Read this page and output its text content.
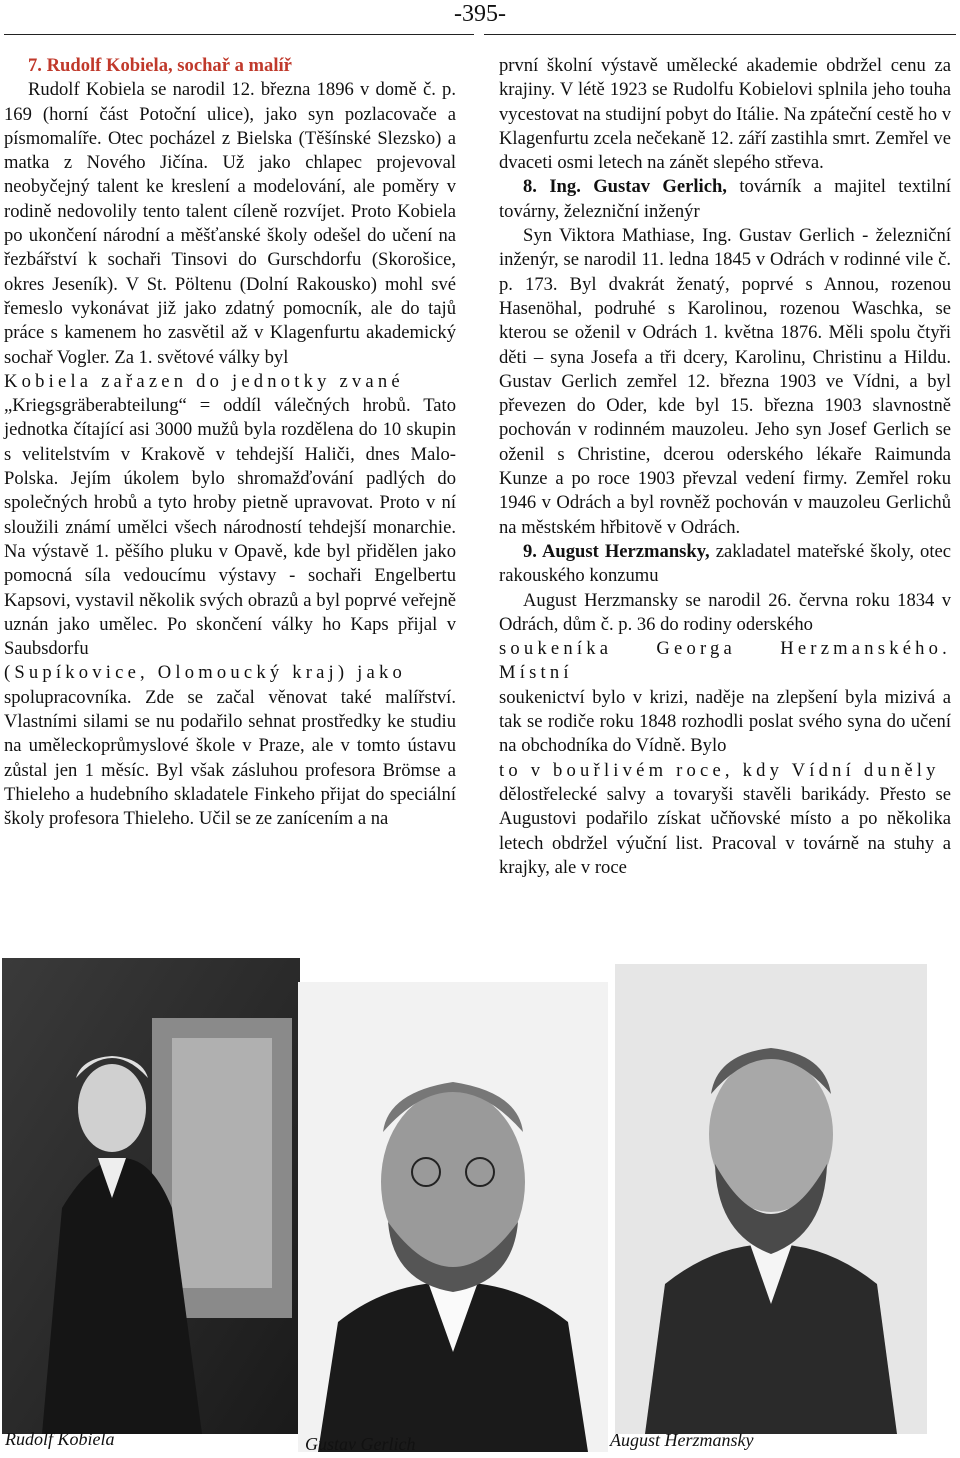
-395-

7. Rudolf Kobiela, sochař a malíř

Rudolf Kobiela se narodil 12. března 1896 v domě č. p. 169 (horní část Potoční ulice), jako syn pozlacovače a písmomalíře. Otec pocházel z Bielska (Těšínské Slezsko) a matka z Nového Jičína. Už jako chlapec projevoval neobyčejný talent ke kreslení a modelování, ale poměry v rodině nedovolily tento talent cíleně rozvíjet. Proto Kobiela po ukončení národní a měšťanské školy odešel do učení na řezbářství k sochaři Tinsovi do Gurschdorfu (Skorošice, okres Jeseník). V St. Pöltenu (Dolní Rakousko) mohl své řemeslo vykonávat již jako zdatný pomocník, ale do tajů práce s kamenem ho zasvětil až v Klagenfurtu akademický sochař Vogler. Za 1. světové války byl

Kobiela zařazen do jednotky zvané

„Kriegsgräberabteilung“ = oddíl válečných hrobů. Tato jednotka čítající asi 3000 mužů byla rozdělena do 10 skupin s velitelstvím v Krakově v tehdejší Haliči, dnes Malo-Polska. Jejím úkolem bylo shromažďování padlých do společných hrobů a tyto hroby pietně upravovat. Proto v ní sloužili známí umělci všech národností tehdejší monarchie. Na výstavě 1. pěšího pluku v Opavě, kde byl přidělen jako pomocná síla vedoucímu výstavy - sochaři Engelbertu Kapsovi, vystavil několik svých obrazů a byl poprvé veřejně uznán jako umělec. Po skončení války ho Kaps přijal v Saubsdorfu

(Supíkovice, Olomoucký kraj) jako

spolupracovníka. Zde se začal věnovat také malířství. Vlastními silami se nu podařilo sehnat prostředky ke studiu na uměleckoprůmyslové škole v Praze, ale v tomto ústavu zůstal jen 1 měsíc. Byl však zásluhou profesora Brömse a Thieleho a hudebního skladatele Finkeho přijat do speciální školy profesora Thieleho. Učil se ze zanícením a na

první školní výstavě umělecké akademie obdržel cenu za krajiny. V létě 1923 se Rudolfu Kobielovi splnila jeho touha vycestovat na studijní pobyt do Itálie. Na zpáteční cestě ho v Klagenfurtu zcela nečekaně 12. září zastihla smrt. Zemřel ve dvaceti osmi letech na zánět slepého střeva.

8. Ing. Gustav Gerlich, továrník a majitel textilní továrny, železniční inženýr

Syn Viktora Mathiase, Ing. Gustav Gerlich - železniční inženýr, se narodil 11. ledna 1845 v Odrách v rodinné vile č. p. 173. Byl dvakrát ženatý, poprvé s Annou, rozenou Hasenöhal, podruhé s Karolinou, rozenou Waschka, se kterou se oženil v Odrách 1. května 1876. Měli spolu čtyři děti – syna Josefa a tři dcery, Karolinu, Christinu a Hildu. Gustav Gerlich zemřel 12. března 1903 ve Vídni, a byl převezen do Oder, kde byl 15. března 1903 slavnostně pochován v rodinném mauzoleu. Jeho syn Josef Gerlich se oženil s Christine, dcerou oderského lékaře Raimunda Kunze a po roce 1903 převzal vedení firmy. Zemřel roku 1946 v Odrách a byl rovněž pochován v mauzoleu Gerlichů na městském hřbitově v Odrách.

9. August Herzmansky, zakladatel mateřské školy, otec rakouského konzumu

August Herzmansky se narodil 26. června roku 1834 v Odrách, dům č. p. 36 do rodiny oderského

soukeníka Georga Herzmanského. Místní

soukenictví bylo v krizi, naděje na zlepšení byla mizivá a tak se rodiče roku 1848 rozhodli poslat svého syna do učení na obchodníka do Vídně. Bylo

to v bouřlivém roce, kdy Vídní duněly

dělostřelecké salvy a tovaryši stavěli barikády. Přesto se Augustovi podařilo získat učňovské místo a po několika letech obdržel výuční list. Pracoval v továrně na stuhy a krajky, ale v roce

Rudolf Kobiela	Gustav Gerlich	August Herzmansky
